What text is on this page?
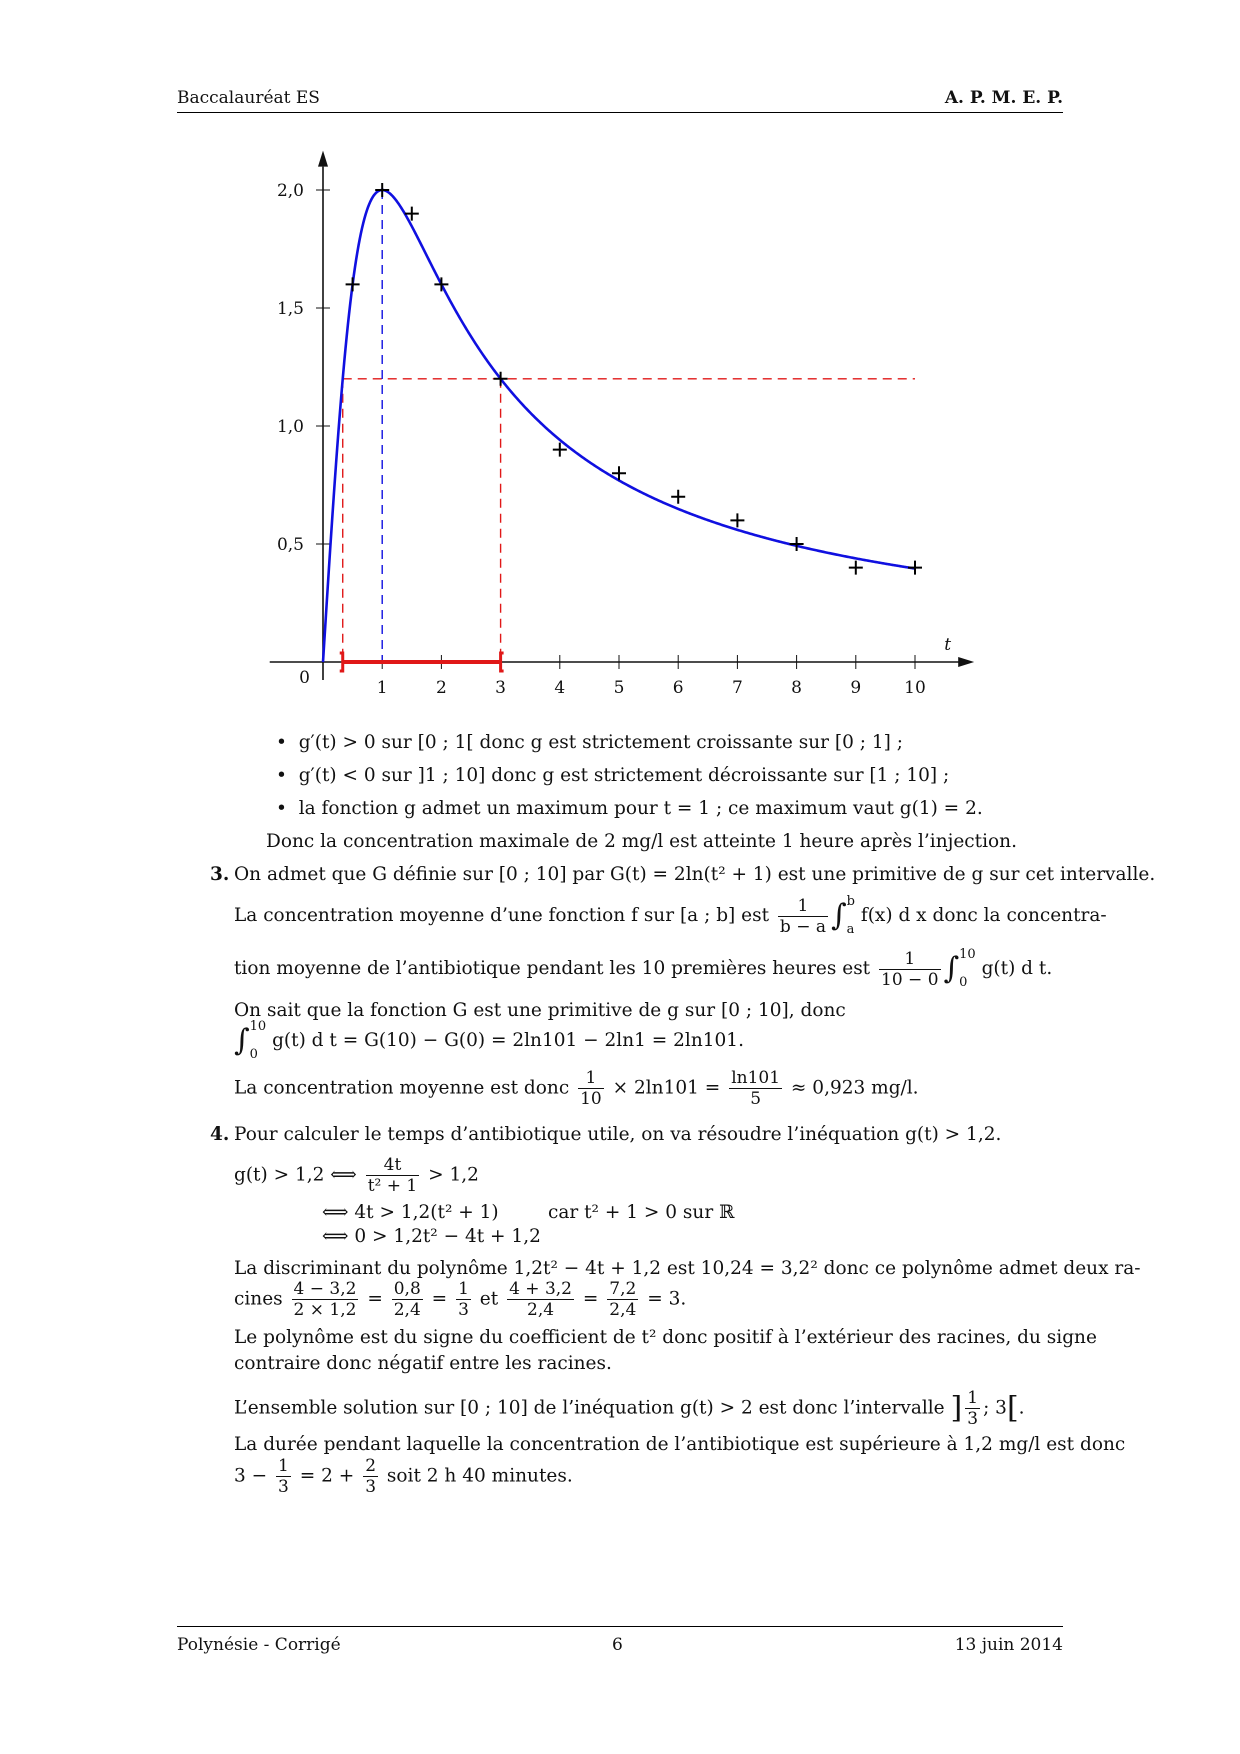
Baccalauréat ES	A. P. M. E. P.
1	2	3	4	5	6	7	8	9	10
0,5
1,0
1,5
2,0
0
t
•  g′(t) > 0 sur [0 ; 1[ donc g est strictement croissante sur [0 ; 1] ;
•  g′(t) < 0 sur ]1 ; 10] donc g est strictement décroissante sur [1 ; 10] ;
•  la fonction g admet un maximum pour t = 1 ; ce maximum vaut g(1) = 2.
Donc la concentration maximale de 2 mg/l est atteinte 1 heure après l’injection.
3. On admet que G définie sur [0 ; 10] par G(t) = 2ln(t² + 1) est une primitive de g sur cet intervalle.
La concentration moyenne d’une fonction f sur [a ; b] est $\frac{1}{b - a} \int b$

a f(x) d x donc la concentra-
tion moyenne de l’antibiotique pendant les 10 premières heures est $\frac{1}{10 - 0} \int 10$

0 g(t) d t.
On sait que la fonction G est une primitive de g sur [0 ; 10], donc
∫10

0 g(t) d t = G(10) − G(0) = 2ln101 − 2ln1 = 2ln101.
La concentration moyenne est donc $\frac{1}{10} \times 2\ln 101 = \frac{\ln 101}{5} \approx 0,923$ mg/l.
4. Pour calculer le temps d’antibiotique utile, on va résoudre l’inéquation g(t) > 1,2.
g(t) > 1,2 ⟺ $\frac{4t}{\text{t² + 1}} > 1,2$
⟺ 4t > 1,2(t² + 1)	car t² + 1 > 0 sur ℝ
⟺ 0 > 1,2t² − 4t + 1,2
La discriminant du polynôme 1,2t² − 4t + 1,2 est 10,24 = 3,2² donc ce polynôme admet deux ra-
cines $\frac{4 - 3,2}{2 \times 1,2} = \frac{0,8}{2,4} = \frac{1}{3}$ et $\frac{4 + 3,2}{2,4} = \frac{7,2}{2,4} = 3$.
Le polynôme est du signe du coefficient de t² donc positif à l’extérieur des racines, du signe
contraire donc négatif entre les racines.
L’ensemble solution sur [0 ; 10] de l’inéquation g(t) > 2 est donc l’intervalle ] $\frac{1}{3}$ ; 3[.
La durée pendant laquelle la concentration de l’antibiotique est supérieure à 1,2 mg/l est donc
$3 - \frac{1}{3} = 2 + \frac{2}{3}$ soit 2 h 40 minutes.
Polynésie - Corrigé	6	13 juin 2014
